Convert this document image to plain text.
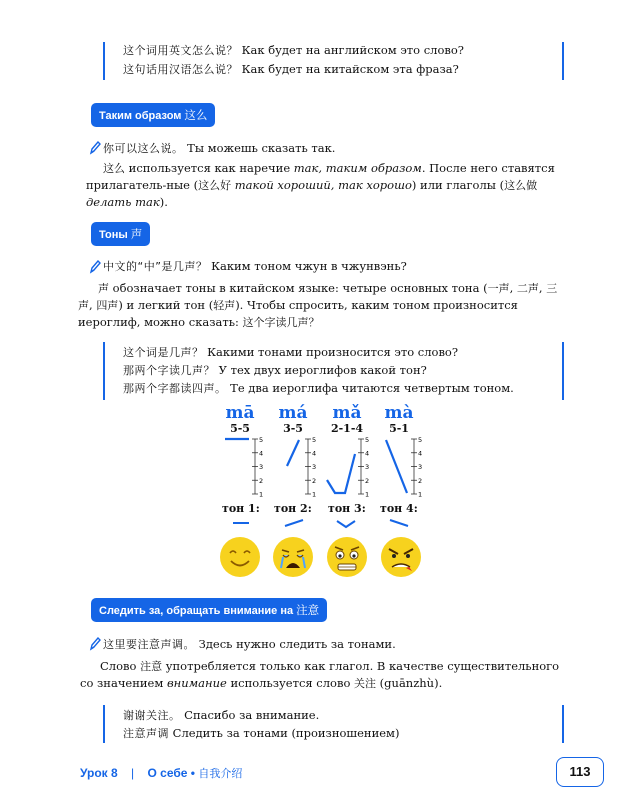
这个词用英文怎么说？ Как будет на английском это слово?
这句话用汉语怎么说？ Как будет на китайском эта фраза?
Таким образом 这么
你可以这么说。 Ты можешь сказать так.
这么 используется как наречие так, таким образом. После него ставятся прилагатель-ные (这么好 такой хороший, так хорошо) или глаголы (这么做 делать так).
Тоны 声
中文的“中”是几声？ Каким тоном чжун в чжунвэнь?
声 обозначает тоны в китайском языке: четыре основных тона (一声, 二声, 三声, 四声) и легкий тон (轻声). Чтобы спросить, каким тоном произносится иероглиф, можно сказать: 这个字读几声？
这个词是几声？ Какими тонами произносится это слово?
那两个字读几声？ У тех двух иероглифов какой тон?
那两个字都读四声。 Те два иероглифа читаются четвертым тоном.
mā
5-5
má
3-5
mǎ
2-1-4
mà
5-1
5
4
3
2
1
5
4
3
2
1
5
4
3
2
1
5
4
3
2
1
тон 1: тон 2: тон 3: тон 4:
Следить за, обращать внимание на 注意
这里要注意声调。 Здесь нужно следить за тонами.
Слово 注意 употребляется только как глагол. В качестве существительного со значением внимание используется слово 关注 (guānzhù).
谢谢关注。 Спасибо за внимание.
注意声调 Следить за тонами (произношением)
Урок 8 | О себе • 自我介绍	113
